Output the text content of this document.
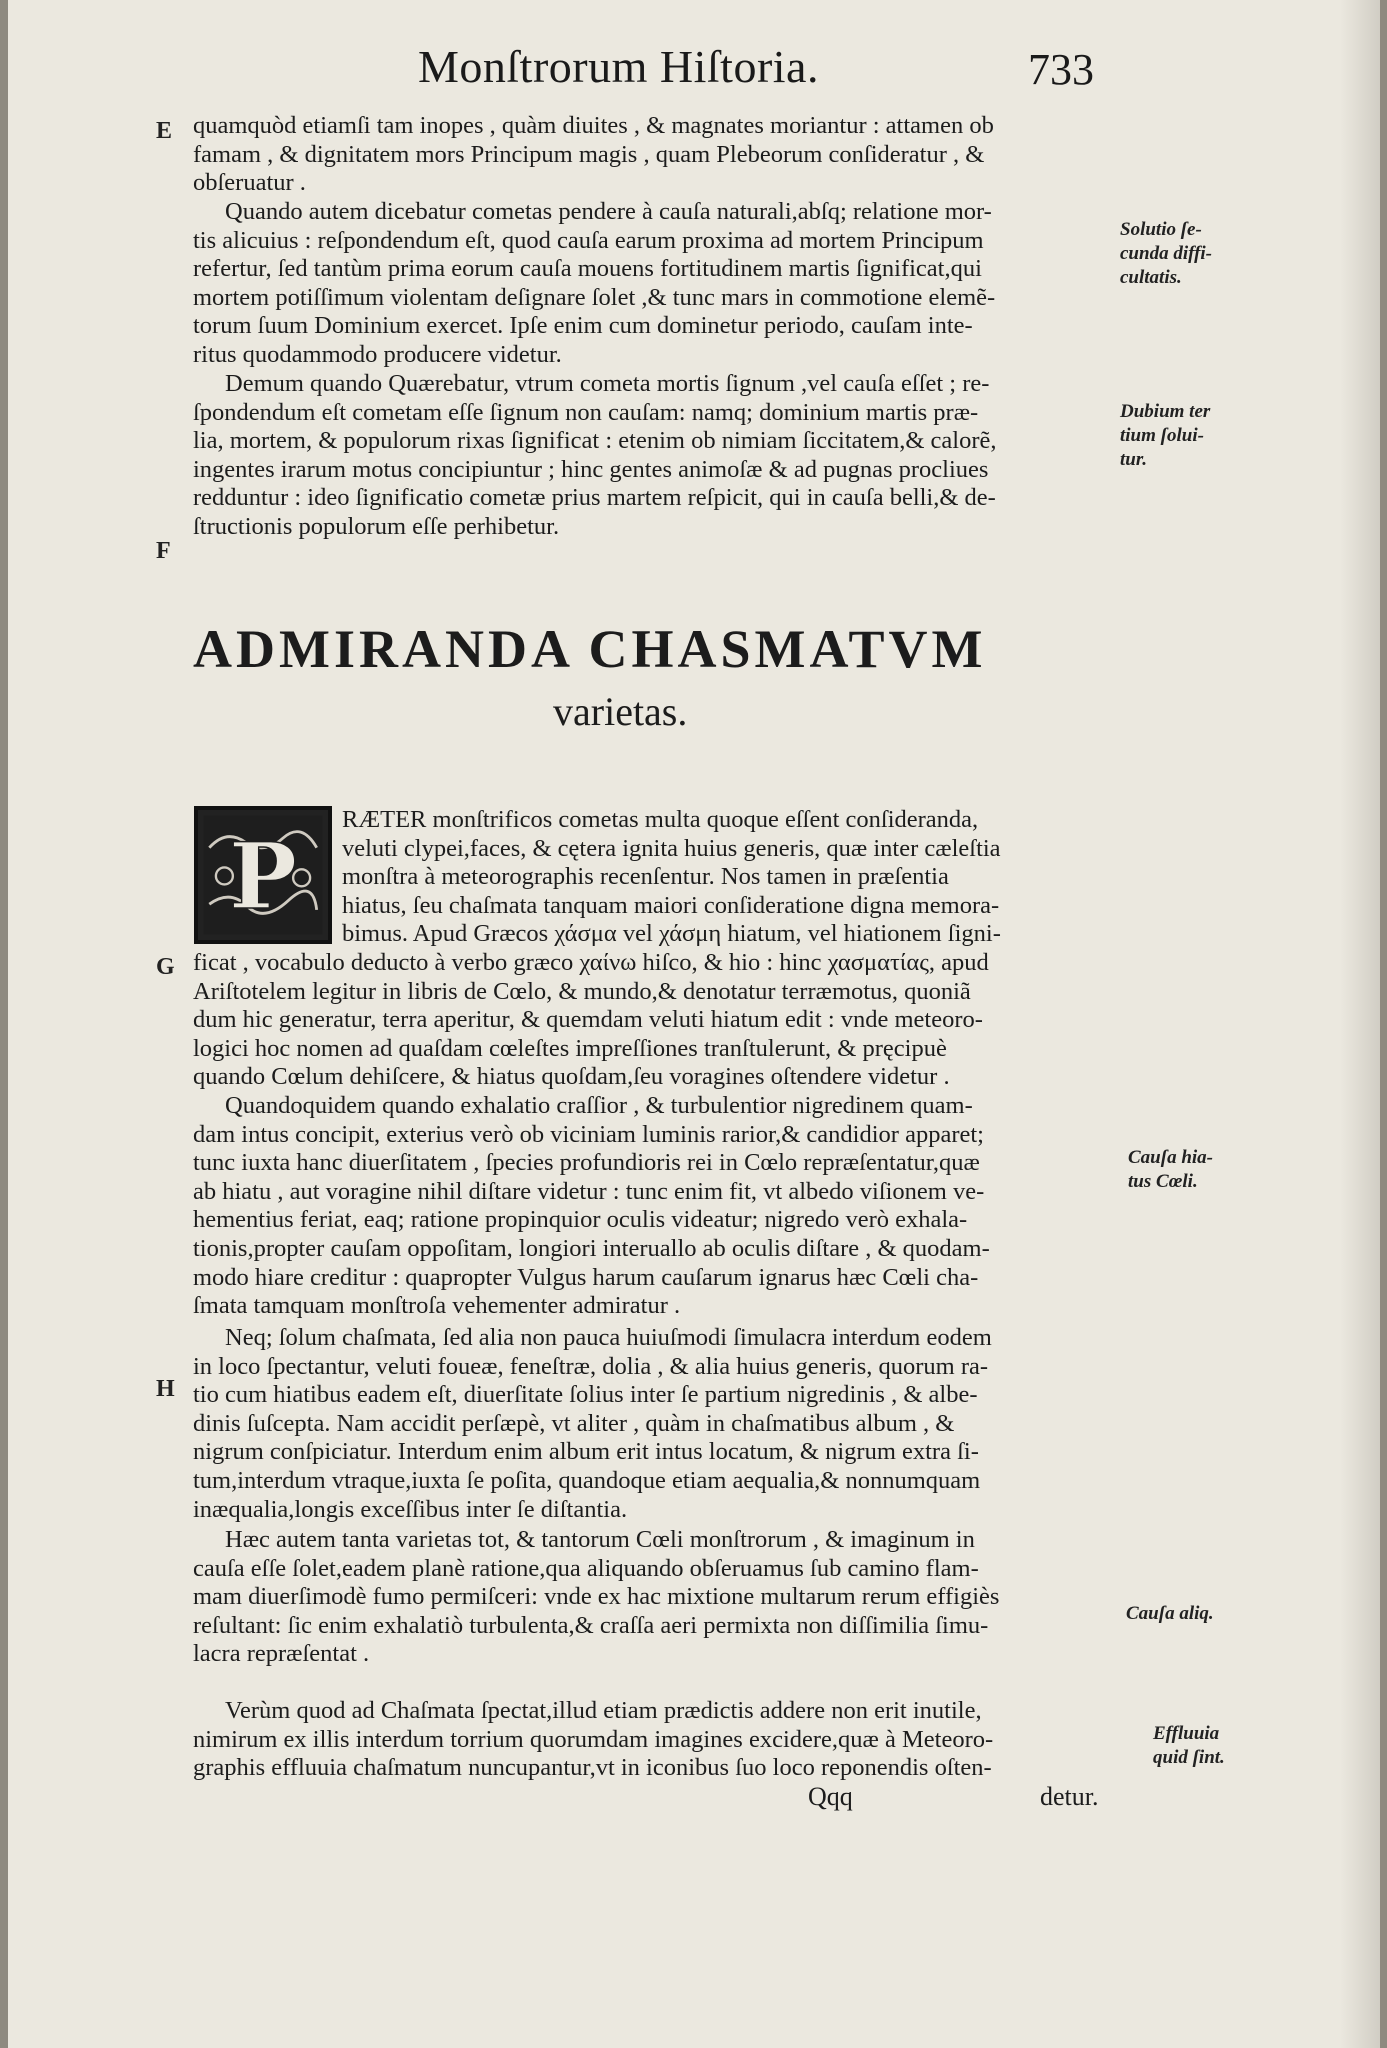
Monſtrorum Hiſtoria.	733
E
F
G
H
quamquòd etiamſi tam inopes , quàm diuites , & magnates moriantur : attamen ob
famam , & dignitatem mors Principum magis , quam Plebeorum conſideratur , &
obſeruatur .
Quando autem dicebatur cometas pendere à cauſa naturali,abſq; relatione mor-
tis alicuius : reſpondendum eſt, quod cauſa earum proxima ad mortem Principum
refertur, ſed tantùm prima eorum cauſa mouens fortitudinem martis ſignificat,qui
mortem potiſſimum violentam deſignare ſolet ,& tunc mars in commotione elemẽ-
torum ſuum Dominium exercet. Ipſe enim cum dominetur periodo, cauſam inte-
ritus quodammodo producere videtur.
Demum quando Quærebatur, vtrum cometa mortis ſignum ,vel cauſa eſſet ; re-
ſpondendum eſt cometam eſſe ſignum non cauſam: namq; dominium martis præ-
lia, mortem, & populorum rixas ſignificat : etenim ob nimiam ſiccitatem,& calorẽ,
ingentes irarum motus concipiuntur ; hinc gentes animoſæ & ad pugnas procliues
redduntur : ideo ſignificatio cometæ prius martem reſpicit, qui in cauſa belli,& de-
ſtructionis populorum eſſe perhibetur.
ADMIRANDA CHASMATVM
varietas.
P
RÆTER monſtrificos cometas multa quoque eſſent conſideranda,
veluti clypei,faces, & cętera ignita huius generis, quæ inter cæleſtia
monſtra à meteorographis recenſentur. Nos tamen in præſentia
hiatus, ſeu chaſmata tanquam maiori conſideratione digna memora-
bimus. Apud Græcos χάσμα vel χάσμη hiatum, vel hiationem ſigni-
ficat , vocabulo deducto à verbo græco χαίνω hiſco, & hio : hinc χασματίας, apud
Ariſtotelem legitur in libris de Cœlo, & mundo,& denotatur terræmotus, quoniã
dum hic generatur, terra aperitur, & quemdam veluti hiatum edit : vnde meteoro-
logici hoc nomen ad quaſdam cœleſtes impreſſiones tranſtulerunt, & pręcipuè
quando Cœlum dehiſcere, & hiatus quoſdam,ſeu voragines oſtendere videtur .
Quandoquidem quando exhalatio craſſior , & turbulentior nigredinem quam-
dam intus concipit, exterius verò ob viciniam luminis rarior,& candidior apparet;
tunc iuxta hanc diuerſitatem , ſpecies profundioris rei in Cœlo repræſentatur,quæ
ab hiatu , aut voragine nihil diſtare videtur : tunc enim fit, vt albedo viſionem ve-
hementius feriat, eaq; ratione propinquior oculis videatur; nigredo verò exhala-
tionis,propter cauſam oppoſitam, longiori interuallo ab oculis diſtare , & quodam-
modo hiare creditur : quapropter Vulgus harum cauſarum ignarus hæc Cœli cha-
ſmata tamquam monſtroſa vehementer admiratur .
Neq; ſolum chaſmata, ſed alia non pauca huiuſmodi ſimulacra interdum eodem
in loco ſpectantur, veluti foueæ, feneſtræ, dolia , & alia huius generis, quorum ra-
tio cum hiatibus eadem eſt, diuerſitate ſolius inter ſe partium nigredinis , & albe-
dinis ſuſcepta. Nam accidit perſæpè, vt aliter , quàm in chaſmatibus album , &
nigrum conſpiciatur. Interdum enim album erit intus locatum, & nigrum extra ſi-
tum,interdum vtraque,iuxta ſe poſita, quandoque etiam aequalia,& nonnumquam
inæqualia,longis exceſſibus inter ſe diſtantia.
Hæc autem tanta varietas tot, & tantorum Cœli monſtrorum , & imaginum in
cauſa eſſe ſolet,eadem planè ratione,qua aliquando obſeruamus ſub camino flam-
mam diuerſimodè fumo permiſceri: vnde ex hac mixtione multarum rerum effigiès
reſultant: ſic enim exhalatiò turbulenta,& craſſa aeri permixta non diſſimilia ſimu-
lacra repræſentat .
Verùm quod ad Chaſmata ſpectat,illud etiam prædictis addere non erit inutile,
nimirum ex illis interdum torrium quorumdam imagines excidere,quæ à Meteoro-
graphis effluuia chaſmatum nuncupantur,vt in iconibus ſuo loco reponendis oſten-
Qqq	detur.
Solutio ſe-
cunda diffi-
cultatis.
Dubium ter
tium ſolui-
tur.
Cauſa hia-
tus Cœli.
Cauſa aliq.
Effluuia
quid ſint.
